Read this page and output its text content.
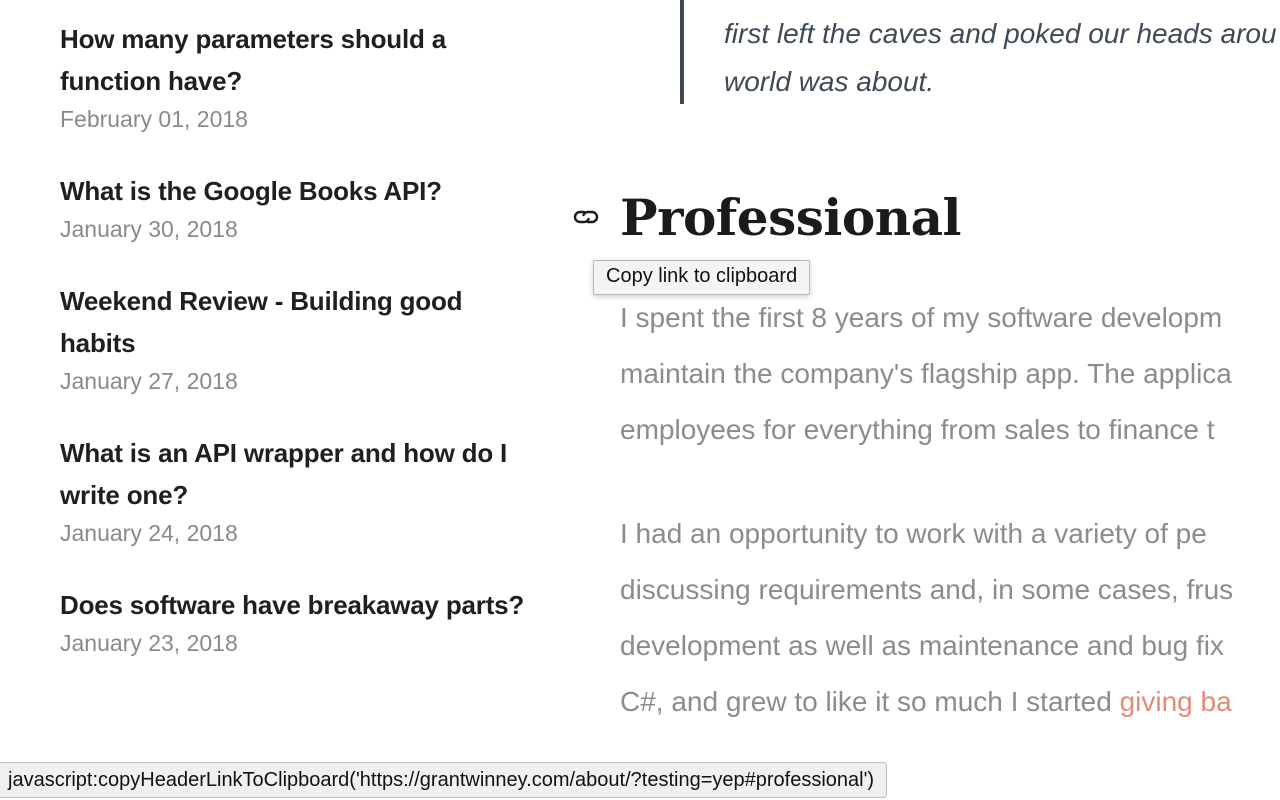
How many parameters should a
function have?
February 01, 2018
What is the Google Books API?
January 30, 2018
Weekend Review - Building good
habits
January 27, 2018
What is an API wrapper and how do I
write one?
January 24, 2018
Does software have breakaway parts?
January 23, 2018

first left the caves and poked our heads arou
world was about.

Professional
Copy link to clipboard

I spent the first 8 years of my software developm
maintain the company's flagship app. The applica
employees for everything from sales to finance t

I had an opportunity to work with a variety of pe
discussing requirements and, in some cases, frus
development as well as maintenance and bug fix
C#, and grew to like it so much I started giving ba

javascript:copyHeaderLinkToClipboard('https://grantwinney.com/about/?testing=yep#professional')
